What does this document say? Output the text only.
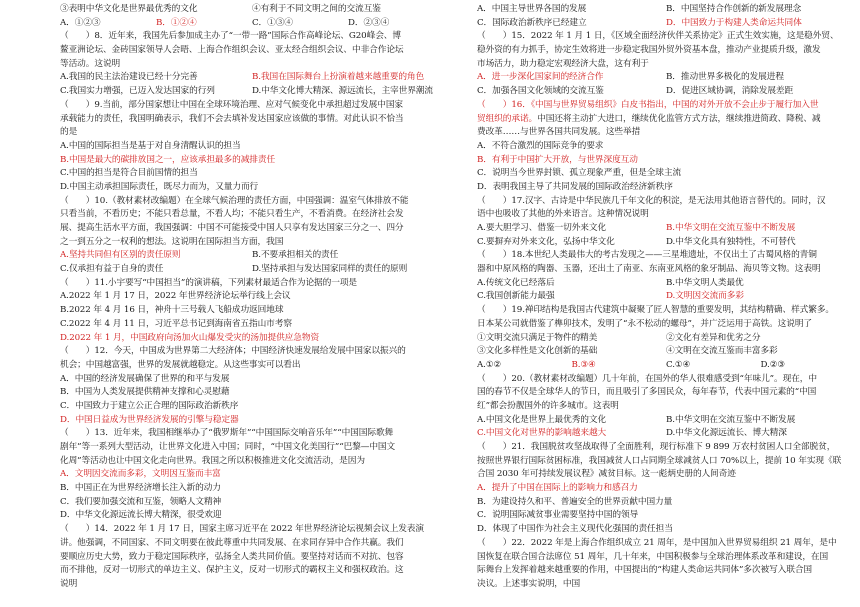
③表明中华文化是世界最优秀的文化	④有利于不同文明之间的交流互鉴
A．①②③	B．①②④	C．①③④	D．②③④
（　　）8．近年来，我国先后参加成主办了“一带一路”国际合作高峰论坛、G20峰会、博
鳌亚洲论坛、金砖国家领导人会晤、上海合作组织会议、亚太经合组织会议、中非合作论坛
等活动。这说明
A.我国的民主法治建设已经十分完善	B.我国在国际舞台上扮演着越来越重要的角色
C.我国实力增强，已迈入发达国家的行列	D.中华文化博大精深、源远流长，主宰世界潮流
（　　）9.当前，部分国家想让中国在全球环境治理、应对气候变化中承担超过发展中国家
承载能力的责任，我国明确表示，我们不会去填补发达国家应该做的事情。对此认识不恰当
的是
A.中国的国际担当是基于对自身清醒认识的担当
B.中国是最大的碳排放国之一，应该承担最多的减排责任
C.中国的担当是符合目前国情的担当
D.中国主动承担国际责任，既尽力而为，又量力而行
（　　）10.（教材素材改编题）在全球气候治理的责任方面，中国强调：温室气体排放不能
只看当前，不看历史；不能只看总量，不看人均；不能只看生产，不看消费。在经济社会发
展、提高生活水平方面，我国强调：中国不可能接受中国人只享有发达国家三分之一、四分
之一到五分之一权利的想法。这说明在国际担当方面，我国
A.坚持共同但有区别的责任原则	B.不要承担相关的责任
C.仅承担有益于自身的责任	D.坚持承担与发达国家同样的责任的原则
（　　）11.小宇要写“中国担当”的演讲稿，下列素材最适合作为论据的一项是
A.2022 年 1 月 17 日，2022 年世界经济论坛举行线上会议
B.2022 年 4 月 16 日，神舟十三号载人飞船成功返回地球
C.2022 年 4 月 11 日，习近平总书记到海南省五指山市考察
D.2022 年 1 月，中国政府向汤加火山爆发受灾的汤加提供应急物资
（　　）12．今天，中国成为世界第二大经济体；中国经济快速发展给发展中国家以振兴的
机会；中国越富强，世界的发展就越稳定。从这些事实可以看出
A．中国的经济发展确保了世界的和平与发展
B．中国为人类发展提供精神支撑和心灵慰藉
C．中国致力于建立公正合理的国际政治新秩序
D．中国日益成为世界经济发展的引擎与稳定器
（　　）13．近年来，我国相继举办了“俄罗斯年”“中国国际交响音乐年”“中国国际歌舞
剧年”等一系列大型活动，让世界文化进入中国；同时，“中国文化美国行”“巴黎—中国文
化周”等活动也让中国文化走向世界。我国之所以积极推进文化交流活动，是因为
A．文明因交流而多彩，文明因互鉴而丰富
B．中国正在为世界经济增长注入新的动力
C．我们要加强交流和互鉴，领略人文精神
D．中华文化源远流长博大精深，很受欢迎
（　　）14．2022 年 1 月 17 日，国家主席习近平在 2022 年世界经济论坛视频会议上发表演
讲。他强调，不同国家、不同文明要在彼此尊重中共同发展、在求同存异中合作共赢。我们
要顺应历史大势，致力于稳定国际秩序，弘扬全人类共同价值。要坚持对话而不对抗、包容
而不排他，反对一切形式的单边主义、保护主义，反对一切形式的霸权主义和强权政治。这
说明
A．中国主导世界各国的发展	B．中国坚持合作创新的新发展理念
C．国际政治新秩序已经建立	D．中国致力于构建人类命运共同体
（　　）15．2022 年 1 月 1 日，《区域全面经济伙伴关系协定》正式生效实施，这是稳外贸、
稳外资的有力抓手，协定生效将进一步稳定我国外贸外资基本盘，推动产业提质升级，激发
市场活力，助力稳定宏观经济大盘，这有利于
A．进一步深化国家间的经济合作	B．推动世界多极化的发展进程
C．加强各国文化领域的交流互鉴	D．促进区域协调，消除发展差距
（　　）16．《中国与世界贸易组织》白皮书指出，中国的对外开放不会止步于履行加入世
贸组织的承诺。中国还将主动扩大进口，继续优化监管方式方法，继续推进简政、降税、减
费改革……与世界各国共同发展。这些举措
A．不符合激烈的国际竞争的要求
B．有利于中国扩大开放，与世界深度互动
C．说明当今世界封锁、孤立现象严重，但是全球主流
D．表明我国主导了共同发展的国际政治经济新秩序
（　　）17.汉字、古诗是中华民族几千年文化的积淀，是无法用其他语言替代的。同时，汉
语中也吸收了其他的外来语言。这种情况说明
A.要大胆学习、借鉴一切外来文化	B.中华文明在交流互鉴中不断发展
C.要摒弃对外来文化，弘扬中华文化	D.中华文化具有独特性，不可替代
（　　）18.本世纪人类最伟大的考古发现之——三星堆遗址，不仅出土了古蜀风格的青铜
器和中原风格的陶器、玉器，还出土了南亚、东南亚风格的象牙制品、海贝等文物。这表明
A.传统文化已经落后	B.中华文明人类最优
C.我国创新能力最强	D.文明因交流而多彩
（　　）19.禅印结构是我国古代建筑中凝聚了匠人智慧的重要发明，其结构精确、样式繁多。
日本某公司就借鉴了榫卯技术，发明了“永不松动的螺母”，并广泛运用于高铁。这说明了
①文明交流只满足于物件的精美	②文化有差异和优劣之分
③文化多样性是文化创新的基础	④文明在交流互鉴而丰富多彩
A.①②	B.③④	C.①④	D.②③
（　　）20.（教材素材改编题）几十年前，在国外的华人很难感受到“年味儿”。现在，中
国的春节不仅是全球华人的节日，而且吸引了多国民众，每年春节，代表中国元素的“中国
红”都会扮靓国外的许多城市。这表明
A.中国文化是世界上最优秀的文化	B.中华文明在交流互鉴中不断发展
C.中国文化对世界的影响越来越大	D.中华文化源远流长、博大精深
（　　）21．我国脱贫攻坚战取得了全面胜利，现行标准下 9 899 万农村贫困人口全部脱贫，
按照世界银行国际贫困标准，我国减贫人口占同期全球减贫人口 70%以上，提前 10 年实现《联
合国 2030 年可持续发展议程》减贫目标。这一彪炳史册的人间奇迹
A．提升了中国在国际上的影响力和感召力
B．为建设持久和平、普遍安全的世界贡献中国力量
C．说明国际减贫事业需要坚持中国的领导
D．体现了中国作为社会主义现代化强国的责任担当
（　　）22．2022 年是上海合作组织成立 21 周年，是中国加入世界贸易组织 21 周年，是中
国恢复在联合国合法席位 51 周年，几十年来，中国积极参与全球治理体系改革和建设，在国
际舞台上发挥着越来越重要的作用，中国提出的“构建人类命运共同体”多次被写入联合国
决议。上述事实说明，中国
